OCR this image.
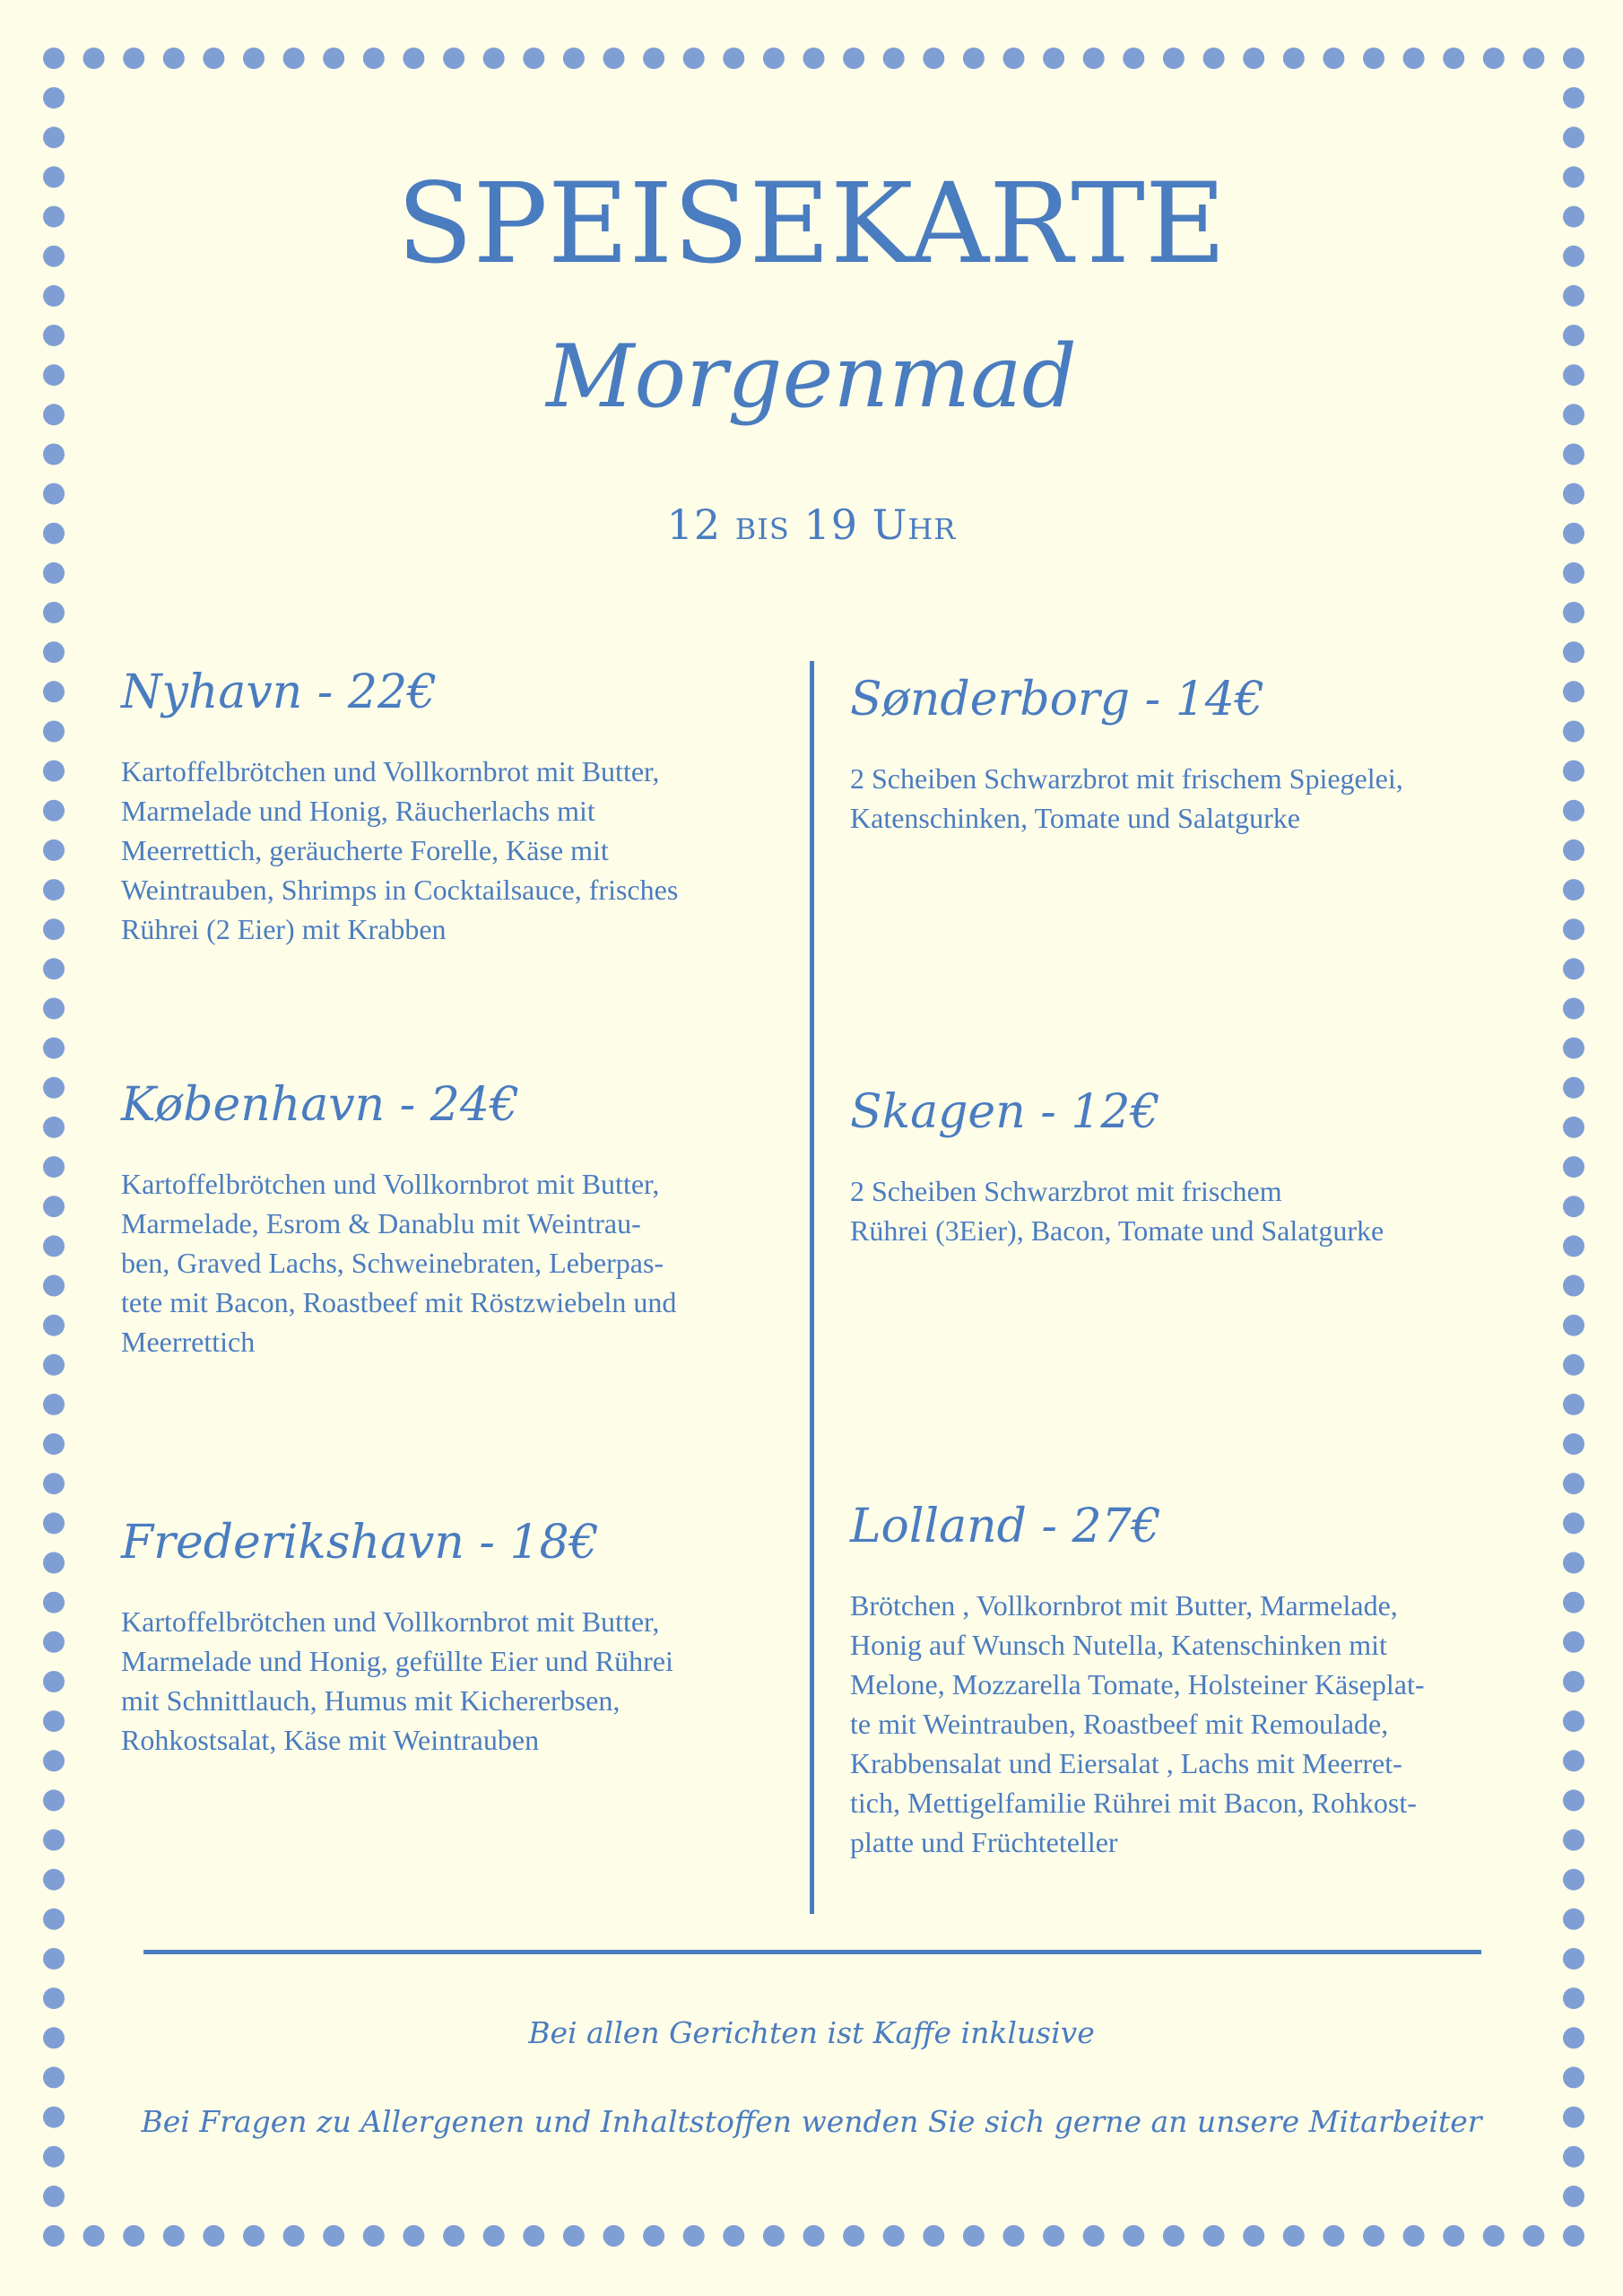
SPEISEKARTE
Morgenmad
12 bis 19 Uhr
Nyhavn - 22€
Kartoffelbrötchen und Vollkornbrot mit Butter,
Marmelade und Honig, Räucherlachs mit
Meerrettich, geräucherte Forelle, Käse mit
Weintrauben, Shrimps in Cocktailsauce, frisches
Rührei (2 Eier) mit Krabben
København - 24€
Kartoffelbrötchen und Vollkornbrot mit Butter,
Marmelade, Esrom & Danablu mit Weintrau-
ben, Graved Lachs, Schweinebraten, Leberpas-
tete mit Bacon, Roastbeef mit Röstzwiebeln und
Meerrettich
Frederikshavn - 18€
Kartoffelbrötchen und Vollkornbrot mit Butter,
Marmelade und Honig, gefüllte Eier und Rührei
mit Schnittlauch, Humus mit Kichererbsen,
Rohkostsalat, Käse mit Weintrauben
Sønderborg - 14€
2 Scheiben Schwarzbrot mit frischem Spiegelei,
Katenschinken, Tomate und Salatgurke
Skagen - 12€
2 Scheiben Schwarzbrot mit frischem
Rührei (3Eier), Bacon, Tomate und Salatgurke
Lolland - 27€
Brötchen , Vollkornbrot mit Butter, Marmelade,
Honig auf Wunsch Nutella, Katenschinken mit
Melone, Mozzarella Tomate, Holsteiner Käseplat-
te mit Weintrauben, Roastbeef mit Remoulade,
Krabbensalat und Eiersalat , Lachs mit Meerret-
tich, Mettigelfamilie Rührei mit Bacon, Rohkost-
platte und Früchteteller
Bei allen Gerichten ist Kaffe inklusive
Bei Fragen zu Allergenen und Inhaltstoffen wenden Sie sich gerne an unsere Mitarbeiter
